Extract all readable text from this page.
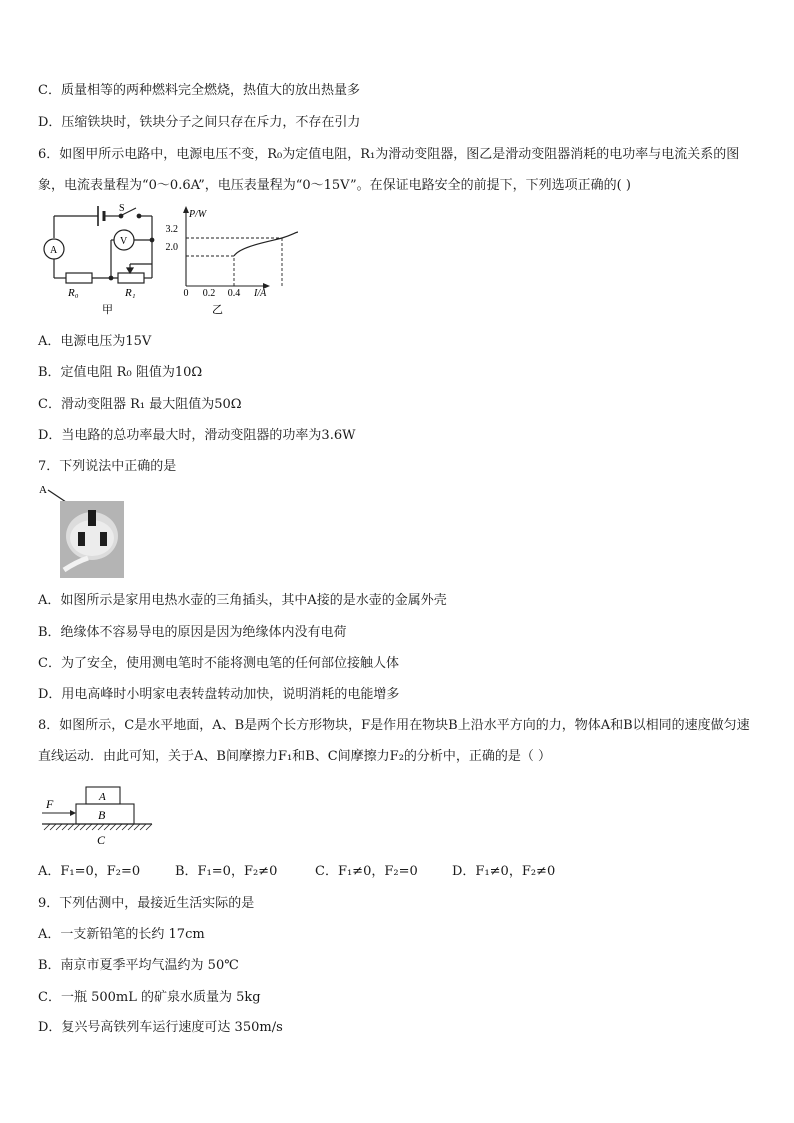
C．质量相等的两种燃料完全燃烧，热值大的放出热量多
D．压缩铁块时，铁块分子之间只存在斥力，不存在引力
6．如图甲所示电路中，电源电压不变，R₀为定值电阻，R₁为滑动变阻器，图乙是滑动变阻器消耗的电功率与电流关系的图象，电流表量程为“0～0.6A”，电压表量程为“0～15V”。在保证电路安全的前提下，下列选项正确的( )
A
V
S
R₀	R₁
甲
P/W
I/A
3.2
2.0
0 0.2 0.4
乙
A．电源电压为15V
B．定值电阻 R₀ 阻值为10Ω
C．滑动变阻器 R₁ 最大阻值为50Ω
D．当电路的总功率最大时，滑动变阻器的功率为3.6W
7．下列说法中正确的是
A
A．如图所示是家用电热水壶的三角插头，其中A接的是水壶的金属外壳
B．绝缘体不容易导电的原因是因为绝缘体内没有电荷
C．为了安全，使用测电笔时不能将测电笔的任何部位接触人体
D．用电高峰时小明家电表转盘转动加快，说明消耗的电能增多
8．如图所示，C是水平地面，A、B是两个长方形物块，F是作用在物块B上沿水平方向的力，物体A和B以相同的速度做匀速直线运动．由此可知，关于A、B间摩擦力F₁和B、C间摩擦力F₂的分析中，正确的是（ ）
F	A
B
C
A．F₁=0，F₂=0	B．F₁=0，F₂≠0	C．F₁≠0，F₂=0	D．F₁≠0，F₂≠0
9．下列估测中，最接近生活实际的是
A．一支新铅笔的长约 17cm
B．南京市夏季平均气温约为 50℃
C．一瓶 500mL 的矿泉水质量为 5kg
D．复兴号高铁列车运行速度可达 350m/s
